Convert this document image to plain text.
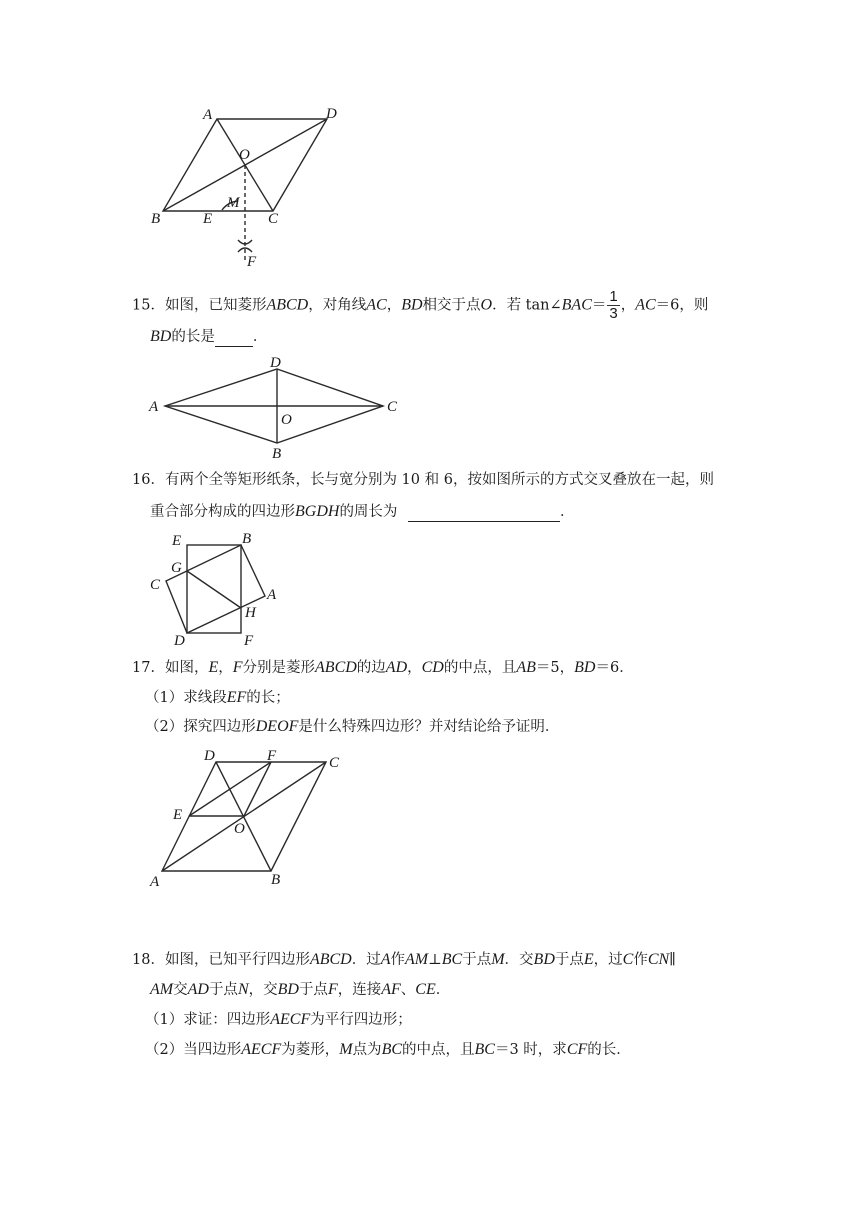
A	D
O
B	E
M
C
F
15．如图，已知菱形ABCD，对角线AC，BD相交于点O．若 tan∠BAC＝ $\frac{1}{3}$ ，AC＝6，则
BD的长是	．
D
A
O
C
B
16．有两个全等矩形纸条，长与宽分别为 10 和 6，按如图所示的方式交叉叠放在一起，则
重合部分构成的四边形BGDH的周长为	．
E	B
G
C
A
H
D	F
17．如图，E，F分别是菱形ABCD的边AD，CD的中点，且AB＝5，BD＝6．
（1）求线段EF的长；
（2）探究四边形DEOF是什么特殊四边形？并对结论给予证明．
D	F	C
E
O
A	B
18．如图，已知平行四边形ABCD．过A作AM⊥BC于点M．交BD于点E，过C作CN∥
AM交AD于点N，交BD于点F，连接AF、CE．
（1）求证：四边形AECF为平行四边形；
（2）当四边形AECF为菱形，M点为BC的中点，且BC＝3 时，求CF的长．
